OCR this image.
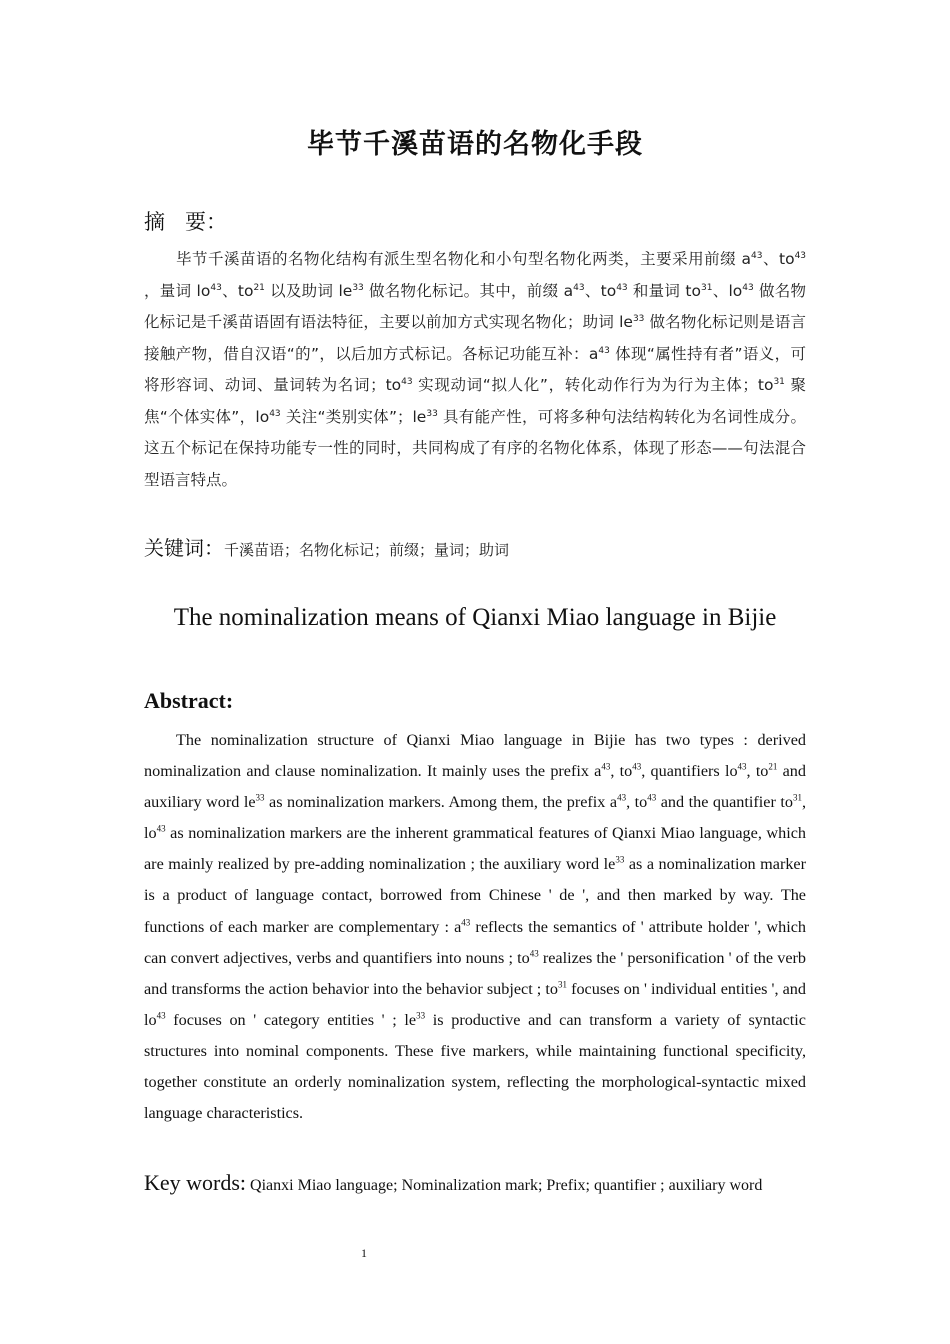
毕节千溪苗语的名物化手段

摘 要：

毕节千溪苗语的名物化结构有派生型名物化和小句型名物化两类，主要采用前缀 $a^{43}$、$to^{43}$ ，量词 $lo^{43}$、$to^{21}$ 以及助词 $le^{33}$ 做名物化标记。其中，前缀 $a^{43}$、$to^{43}$ 和量词 $to^{31}$、$lo^{43}$ 做名物化标记是千溪苗语固有语法特征，主要以前加方式实现名物化；助词 $le^{33}$ 做名物化标记则是语言接触产物，借自汉语“的”，以后加方式标记。各标记功能互补：$a^{43}$ 体现“属性持有者”语义，可将形容词、动词、量词转为名词；$to^{43}$ 实现动词“拟人化”，转化动作行为为行为主体；$to^{31}$ 聚焦“个体实体”，$lo^{43}$ 关注“类别实体”；$le^{33}$ 具有能产性，可将多种句法结构转化为名词性成分。这五个标记在保持功能专一性的同时，共同构成了有序的名物化体系，体现了形态——句法混合型语言特点。

关键词：千溪苗语；名物化标记；前缀；量词；助词

The nominalization means of Qianxi Miao language in Bijie

Abstract:

The nominalization structure of Qianxi Miao language in Bijie has two types : derived nominalization and clause nominalization. It mainly uses the prefix $a^{43}$, $to^{43}$, quantifiers $lo^{43}$, $to^{21}$ and auxiliary word $le^{33}$ as nominalization markers. Among them, the prefix $a^{43}$, $to^{43}$ and the quantifier $to^{31}$, $lo^{43}$ as nominalization markers are the inherent grammatical features of Qianxi Miao language, which are mainly realized by pre-adding nominalization ; the auxiliary word $le^{33}$ as a nominalization marker is a product of language contact, borrowed from Chinese ' de ', and then marked by way. The functions of each marker are complementary : $a^{43}$ reflects the semantics of ' attribute holder ', which can convert adjectives, verbs and quantifiers into nouns ; $to^{43}$ realizes the ' personification ' of the verb and transforms the action behavior into the behavior subject ; $to^{31}$ focuses on ' individual entities ', and $lo^{43}$ focuses on ' category entities ' ; $le^{33}$ is productive and can transform a variety of syntactic structures into nominal components. These five markers, while maintaining functional specificity, together constitute an orderly nominalization system, reflecting the morphological-syntactic mixed language characteristics.

Key words: Qianxi Miao language; Nominalization mark; Prefix; quantifier ; auxiliary word

1
